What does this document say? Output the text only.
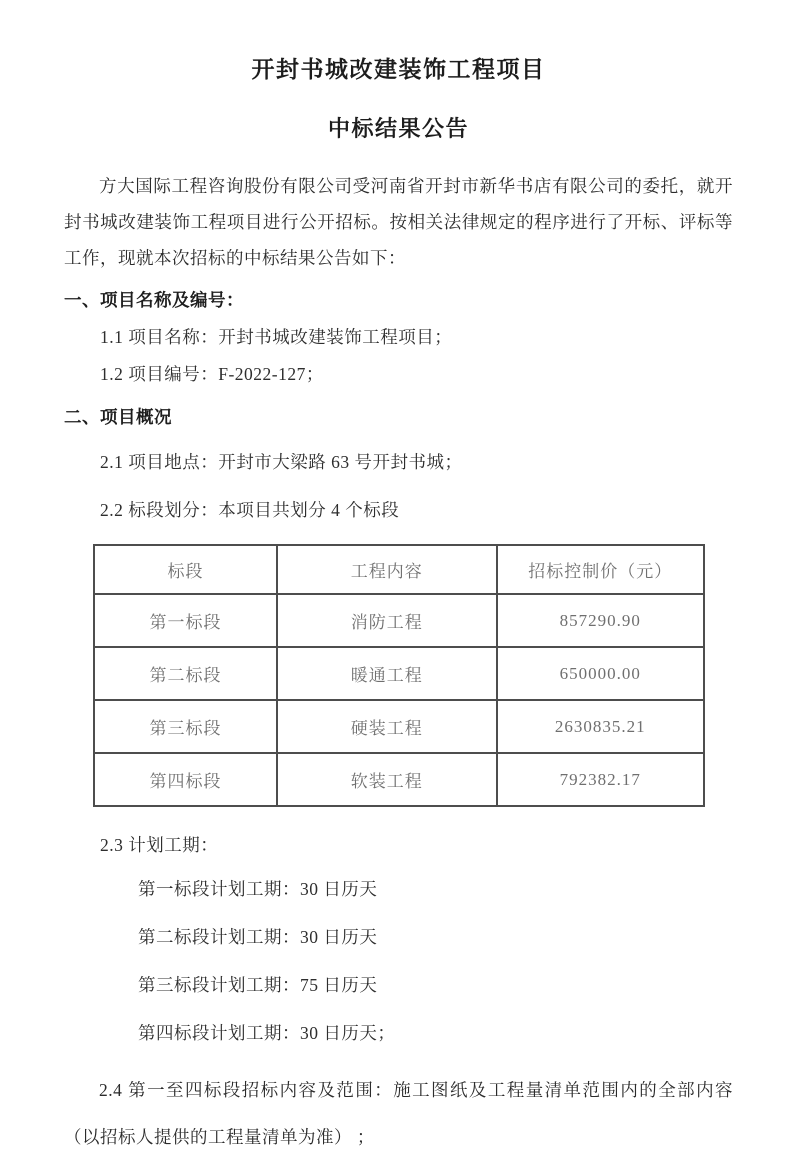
开封书城改建装饰工程项目
中标结果公告

方大国际工程咨询股份有限公司受河南省开封市新华书店有限公司的委托，就开封书城改建装饰工程项目进行公开招标。按相关法律规定的程序进行了开标、评标等工作，现就本次招标的中标结果公告如下：

一、项目名称及编号：
1.1 项目名称：开封书城改建装饰工程项目；
1.2 项目编号：F-2022-127；
二、项目概况
2.1 项目地点：开封市大梁路 63 号开封书城；
2.2 标段划分：本项目共划分 4 个标段
标段	工程内容	招标控制价（元）
第一标段	消防工程	857290.90
第二标段	暖通工程	650000.00
第三标段	硬装工程	2630835.21
第四标段	软装工程	792382.17
2.3 计划工期：
第一标段计划工期：30 日历天
第二标段计划工期：30 日历天
第三标段计划工期：75 日历天
第四标段计划工期：30 日历天；

2.4 第一至四标段招标内容及范围：施工图纸及工程量清单范围内的全部内容（以招标人提供的工程量清单为准） ；
